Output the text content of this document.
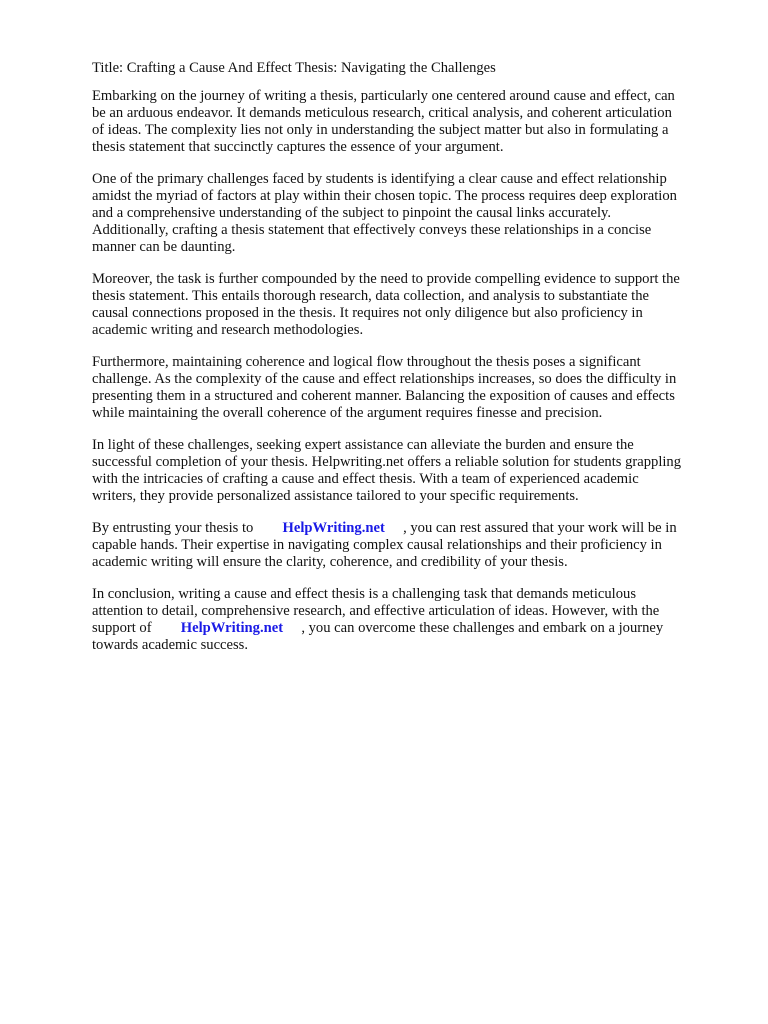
Title: Crafting a Cause And Effect Thesis: Navigating the Challenges
Embarking on the journey of writing a thesis, particularly one centered around cause and effect, can
be an arduous endeavor. It demands meticulous research, critical analysis, and coherent articulation
of ideas. The complexity lies not only in understanding the subject matter but also in formulating a
thesis statement that succinctly captures the essence of your argument.
One of the primary challenges faced by students is identifying a clear cause and effect relationship
amidst the myriad of factors at play within their chosen topic. The process requires deep exploration
and a comprehensive understanding of the subject to pinpoint the causal links accurately.
Additionally, crafting a thesis statement that effectively conveys these relationships in a concise
manner can be daunting.
Moreover, the task is further compounded by the need to provide compelling evidence to support the
thesis statement. This entails thorough research, data collection, and analysis to substantiate the
causal connections proposed in the thesis. It requires not only diligence but also proficiency in
academic writing and research methodologies.
Furthermore, maintaining coherence and logical flow throughout the thesis poses a significant
challenge. As the complexity of the cause and effect relationships increases, so does the difficulty in
presenting them in a structured and coherent manner. Balancing the exposition of causes and effects
while maintaining the overall coherence of the argument requires finesse and precision.
In light of these challenges, seeking expert assistance can alleviate the burden and ensure the
successful completion of your thesis. Helpwriting.net offers a reliable solution for students grappling
with the intricacies of crafting a cause and effect thesis. With a team of experienced academic
writers, they provide personalized assistance tailored to your specific requirements.
By entrusting your thesis to HelpWriting.net , you can rest assured that your work will be in
capable hands. Their expertise in navigating complex causal relationships and their proficiency in
academic writing will ensure the clarity, coherence, and credibility of your thesis.
In conclusion, writing a cause and effect thesis is a challenging task that demands meticulous
attention to detail, comprehensive research, and effective articulation of ideas. However, with the
support of HelpWriting.net , you can overcome these challenges and embark on a journey
towards academic success.
